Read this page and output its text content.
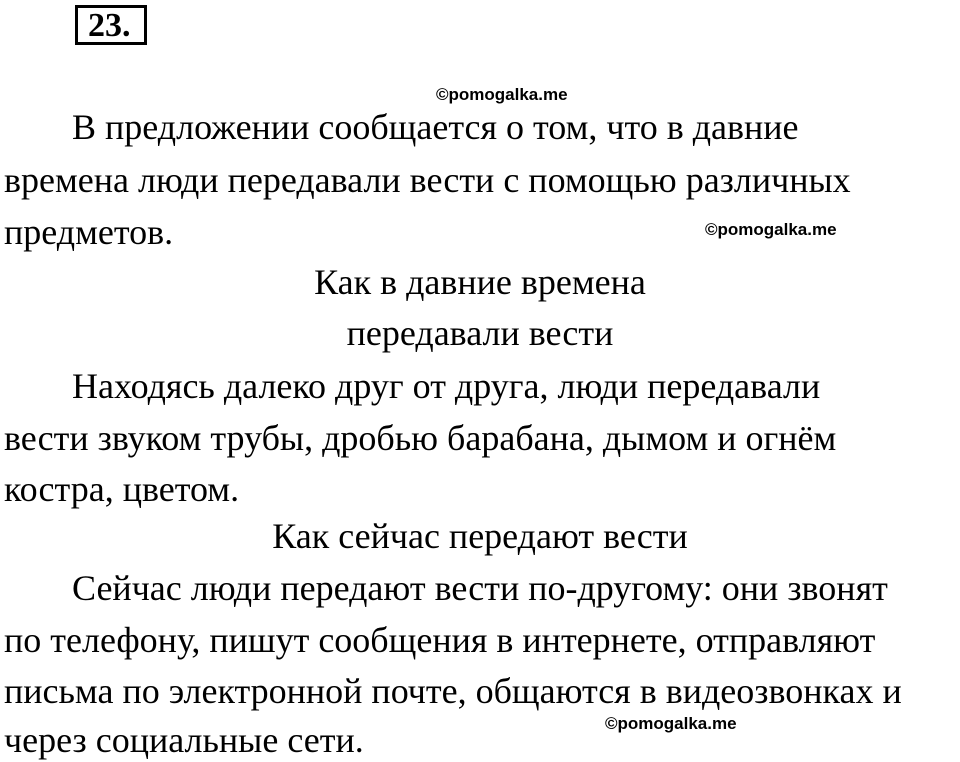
23.
©pomogalka.me
В предложении сообщается о том, что в давние
времена люди передавали вести с помощью различных
предметов.	©pomogalka.me
Как в давние времена
передавали вести
Находясь далеко друг от друга, люди передавали
вести звуком трубы, дробью барабана, дымом и огнём
костра, цветом.
Как сейчас передают вести
Сейчас люди передают вести по-другому: они звонят
по телефону, пишут сообщения в интернете, отправляют
письма по электронной почте, общаются в видеозвонках и
©pomogalka.me
через социальные сети.
